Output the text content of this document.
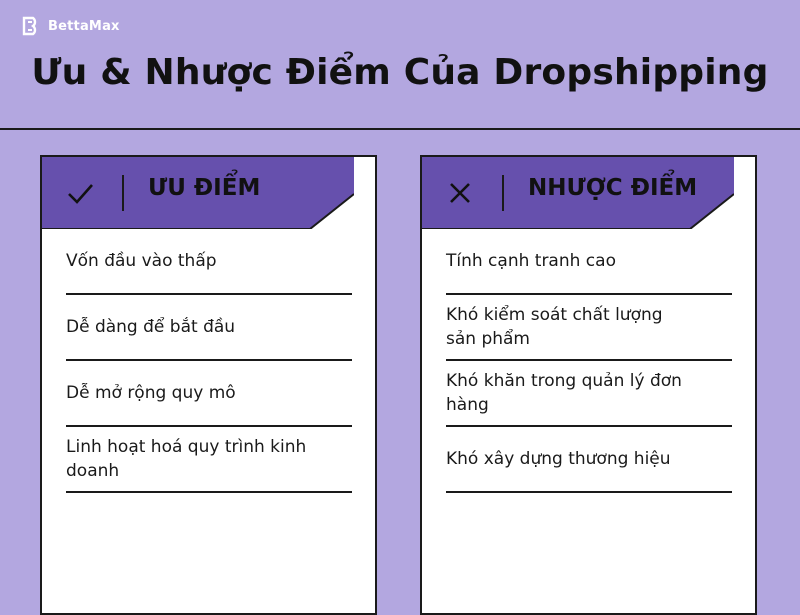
BettaMax
Ưu & Nhược Điểm Của Dropshipping
ƯU ĐIỂM
Vốn đầu vào thấp
Dễ dàng để bắt đầu
Dễ mở rộng quy mô
Linh hoạt hoá quy trình kinh doanh
NHƯỢC ĐIỂM
Tính cạnh tranh cao
Khó kiểm soát chất lượng sản phẩm
Khó khăn trong quản lý đơn hàng
Khó xây dựng thương hiệu
